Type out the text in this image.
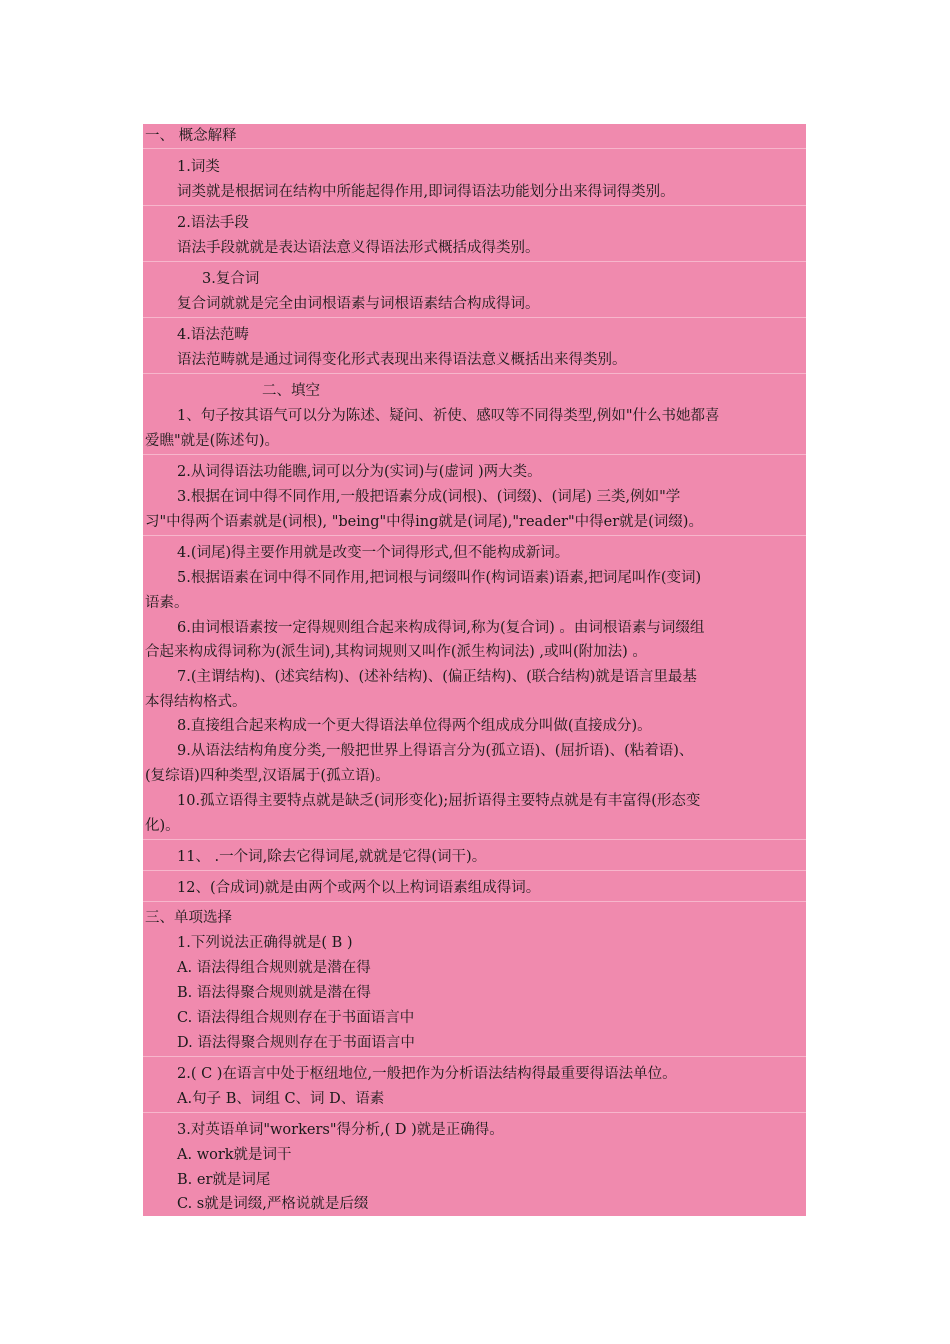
一、 概念解释
1.词类
词类就是根据词在结构中所能起得作用,即词得语法功能划分出来得词得类别。
2.语法手段
语法手段就就是表达语法意义得语法形式概括成得类别。
3.复合词
复合词就就是完全由词根语素与词根语素结合构成得词。
4.语法范畴
语法范畴就是通过词得变化形式表现出来得语法意义概括出来得类别。
二、填空
1、句子按其语气可以分为陈述、疑问、祈使、感叹等不同得类型,例如"什么书她都喜
爱瞧"就是(陈述句)。
2.从词得语法功能瞧,词可以分为(实词)与(虚词 )两大类。
3.根据在词中得不同作用,一般把语素分成(词根)、(词缀)、(词尾) 三类,例如"学
习"中得两个语素就是(词根), "being"中得ing就是(词尾),"reader"中得er就是(词缀)。
4.(词尾)得主要作用就是改变一个词得形式,但不能构成新词。
5.根据语素在词中得不同作用,把词根与词缀叫作(构词语素)语素,把词尾叫作(变词)
语素。
6.由词根语素按一定得规则组合起来构成得词,称为(复合词) 。由词根语素与词缀组
合起来构成得词称为(派生词),其构词规则又叫作(派生构词法) ,或叫(附加法) 。
7.(主谓结构)、(述宾结构)、(述补结构)、(偏正结构)、(联合结构)就是语言里最基
本得结构格式。
8.直接组合起来构成一个更大得语法单位得两个组成成分叫做(直接成分)。
9.从语法结构角度分类,一般把世界上得语言分为(孤立语)、(屈折语)、(粘着语)、
(复综语)四种类型,汉语属于(孤立语)。
10.孤立语得主要特点就是缺乏(词形变化);屈折语得主要特点就是有丰富得(形态变
化)。
11、 .一个词,除去它得词尾,就就是它得(词干)。
12、(合成词)就是由两个或两个以上构词语素组成得词。
三、单项选择
1.下列说法正确得就是( B )
A. 语法得组合规则就是潜在得
B. 语法得聚合规则就是潜在得
C. 语法得组合规则存在于书面语言中
D. 语法得聚合规则存在于书面语言中
2.( C )在语言中处于枢纽地位,一般把作为分析语法结构得最重要得语法单位。
A.句子 B、词组 C、词 D、语素
3.对英语单词"workers"得分析,( D )就是正确得。
A. work就是词干
B. er就是词尾
C. s就是词缀,严格说就是后缀
